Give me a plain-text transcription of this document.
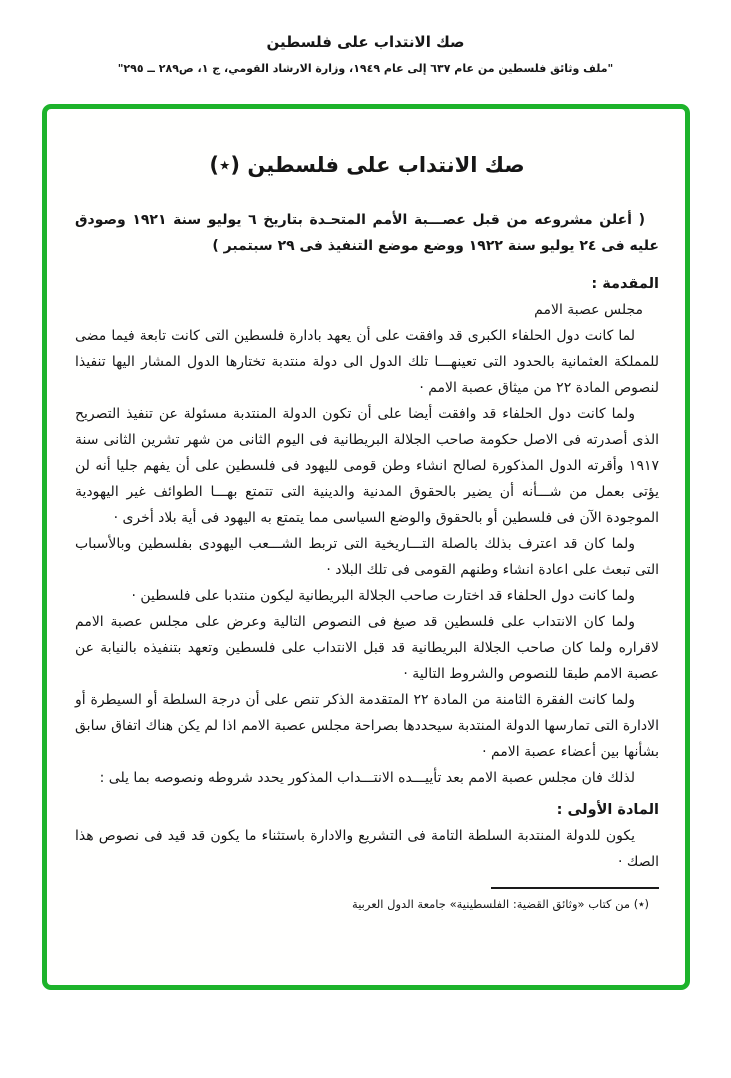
صك الانتداب على فلسطين
"ملف وثائق فلسطين من عام ٦٣٧ إلى عام ١٩٤٩، وزارة الارشاد القومي، ج ١، ص٢٨٩ ــ ٢٩٥"
صك الانتداب على فلسطين (٭)

( أعلن مشروعه من قبل عصـــبة الأمم المتحـدة بتاريخ ٦ يوليو سنة ١٩٢١ وصودق عليه فى ٢٤ يوليو سنة ١٩٢٢ ووضع موضع التنفيذ فى ٢٩ سبتمبر )

المقدمة :

مجلس عصبة الامم

لما كانت دول الحلفاء الكبرى قد وافقت على أن يعهد بادارة فلسطين التى كانت تابعة فيما مضى للمملكة العثمانية بالحدود التى تعينهـــا تلك الدول الى دولة منتدبة تختارها الدول المشار اليها تنفيذا لنصوص المادة ٢٢ من ميثاق عصبة الامم ·

ولما كانت دول الحلفاء قد وافقت أيضا على أن تكون الدولة المنتدبة مسئولة عن تنفيذ التصريح الذى أصدرته فى الاصل حكومة صاحب الجلالة البريطانية فى اليوم الثانى من شهر تشرين الثانى سنة ١٩١٧ وأقرته الدول المذكورة لصالح انشاء وطن قومى لليهود فى فلسطين على أن يفهم جليا أنه لن يؤتى بعمل من شـــأنه أن يضير بالحقوق المدنية والدينية التى تتمتع بهـــا الطوائف غير اليهودية الموجودة الآن فى فلسطين أو بالحقوق والوضع السياسى مما يتمتع به اليهود فى أية بلاد أخرى ·

ولما كان قد اعترف بذلك بالصلة التـــاريخية التى تربط الشـــعب اليهودى بفلسطين وبالأسباب التى تبعث على اعادة انشاء وطنهم القومى فى تلك البلاد ·

ولما كانت دول الحلفاء قد اختارت صاحب الجلالة البريطانية ليكون منتدبا على فلسطين ·

ولما كان الانتداب على فلسطين قد صيغ فى النصوص التالية وعرض على مجلس عصبة الامم لاقراره ولما كان صاحب الجلالة البريطانية قد قبل الانتداب على فلسطين وتعهد بتنفيذه بالنيابة عن عصبة الامم طبقا للنصوص والشروط التالية ·

ولما كانت الفقرة الثامنة من المادة ٢٢ المتقدمة الذكر تنص على أن درجة السلطة أو السيطرة أو الادارة التى تمارسها الدولة المنتدبة سيحددها بصراحة مجلس عصبة الامم اذا لم يكن هناك اتفاق سابق بشأنها بين أعضاء عصبة الامم ·

لذلك فان مجلس عصبة الامم بعد تأييـــده الانتـــداب المذكور يحدد شروطه ونصوصه بما يلى :

المادة الأولى :

يكون للدولة المنتدبة السلطة التامة فى التشريع والادارة باستثناء ما يكون قد قيد فى نصوص هذا الصك ·

(٭) من كتاب «وثائق القضية: الفلسطينية» جامعة الدول العربية
